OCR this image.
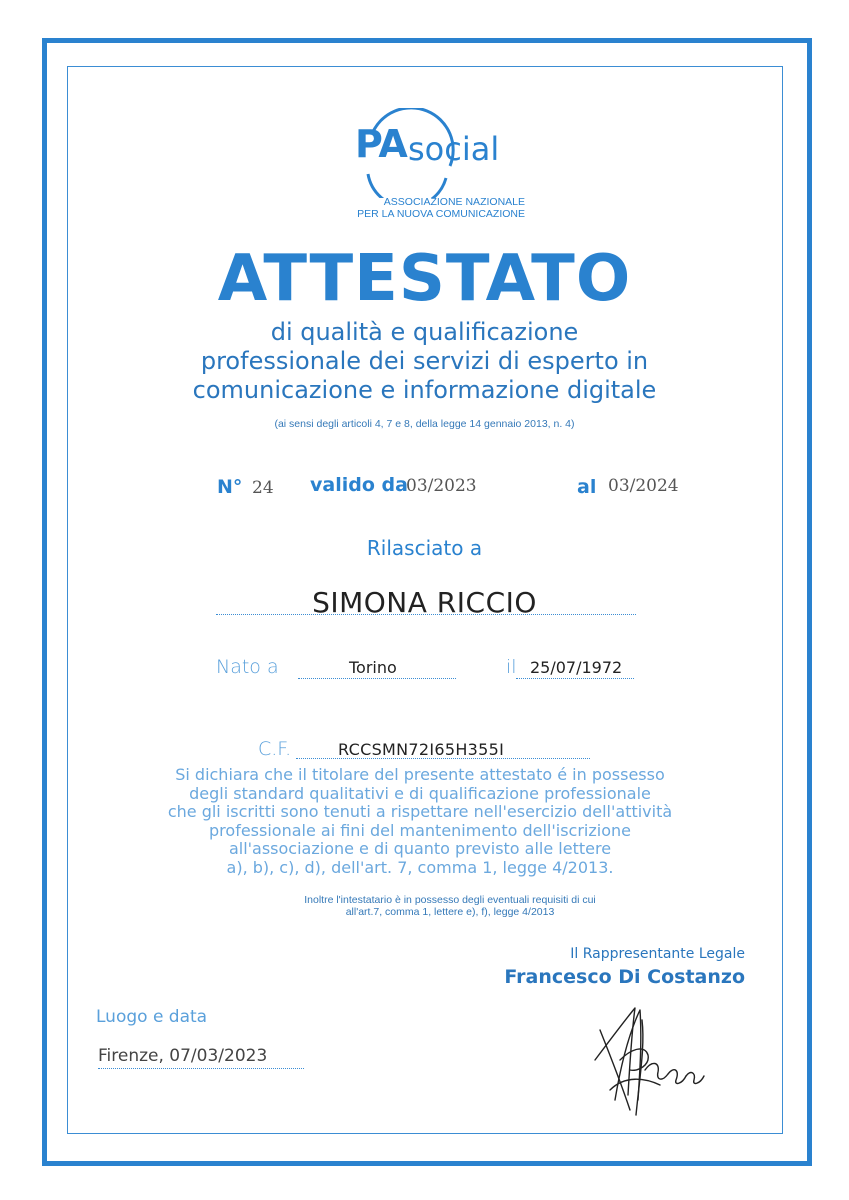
PA social
ASSOCIAZIONE NAZIONALE
PER LA NUOVA COMUNICAZIONE
ATTESTATO
di qualità e qualificazione
professionale dei servizi di esperto in
comunicazione e informazione digitale
(ai sensi degli articoli 4, 7 e 8, della legge 14 gennaio 2013, n. 4)
N° 24 valido da
03/2023	al 03/2024
Rilasciato a
SIMONA RICCIO
Nato a	Torino	il 25/07/1972
C.F.	RCCSMN72I65H355I
Si dichiara che il titolare del presente attestato é in possesso
degli standard qualitativi e di qualificazione professionale
che gli iscritti sono tenuti a rispettare nell'esercizio dell'attività
professionale ai fini del mantenimento dell'iscrizione
all'associazione e di quanto previsto alle lettere
a), b), c), d), dell'art. 7, comma 1, legge 4/2013.
Inoltre l'intestatario è in possesso degli eventuali requisiti di cui
all'art.7, comma 1, lettere e), f), legge 4/2013
Il Rappresentante Legale
Francesco Di Costanzo
Luogo e data
Firenze, 07/03/2023
